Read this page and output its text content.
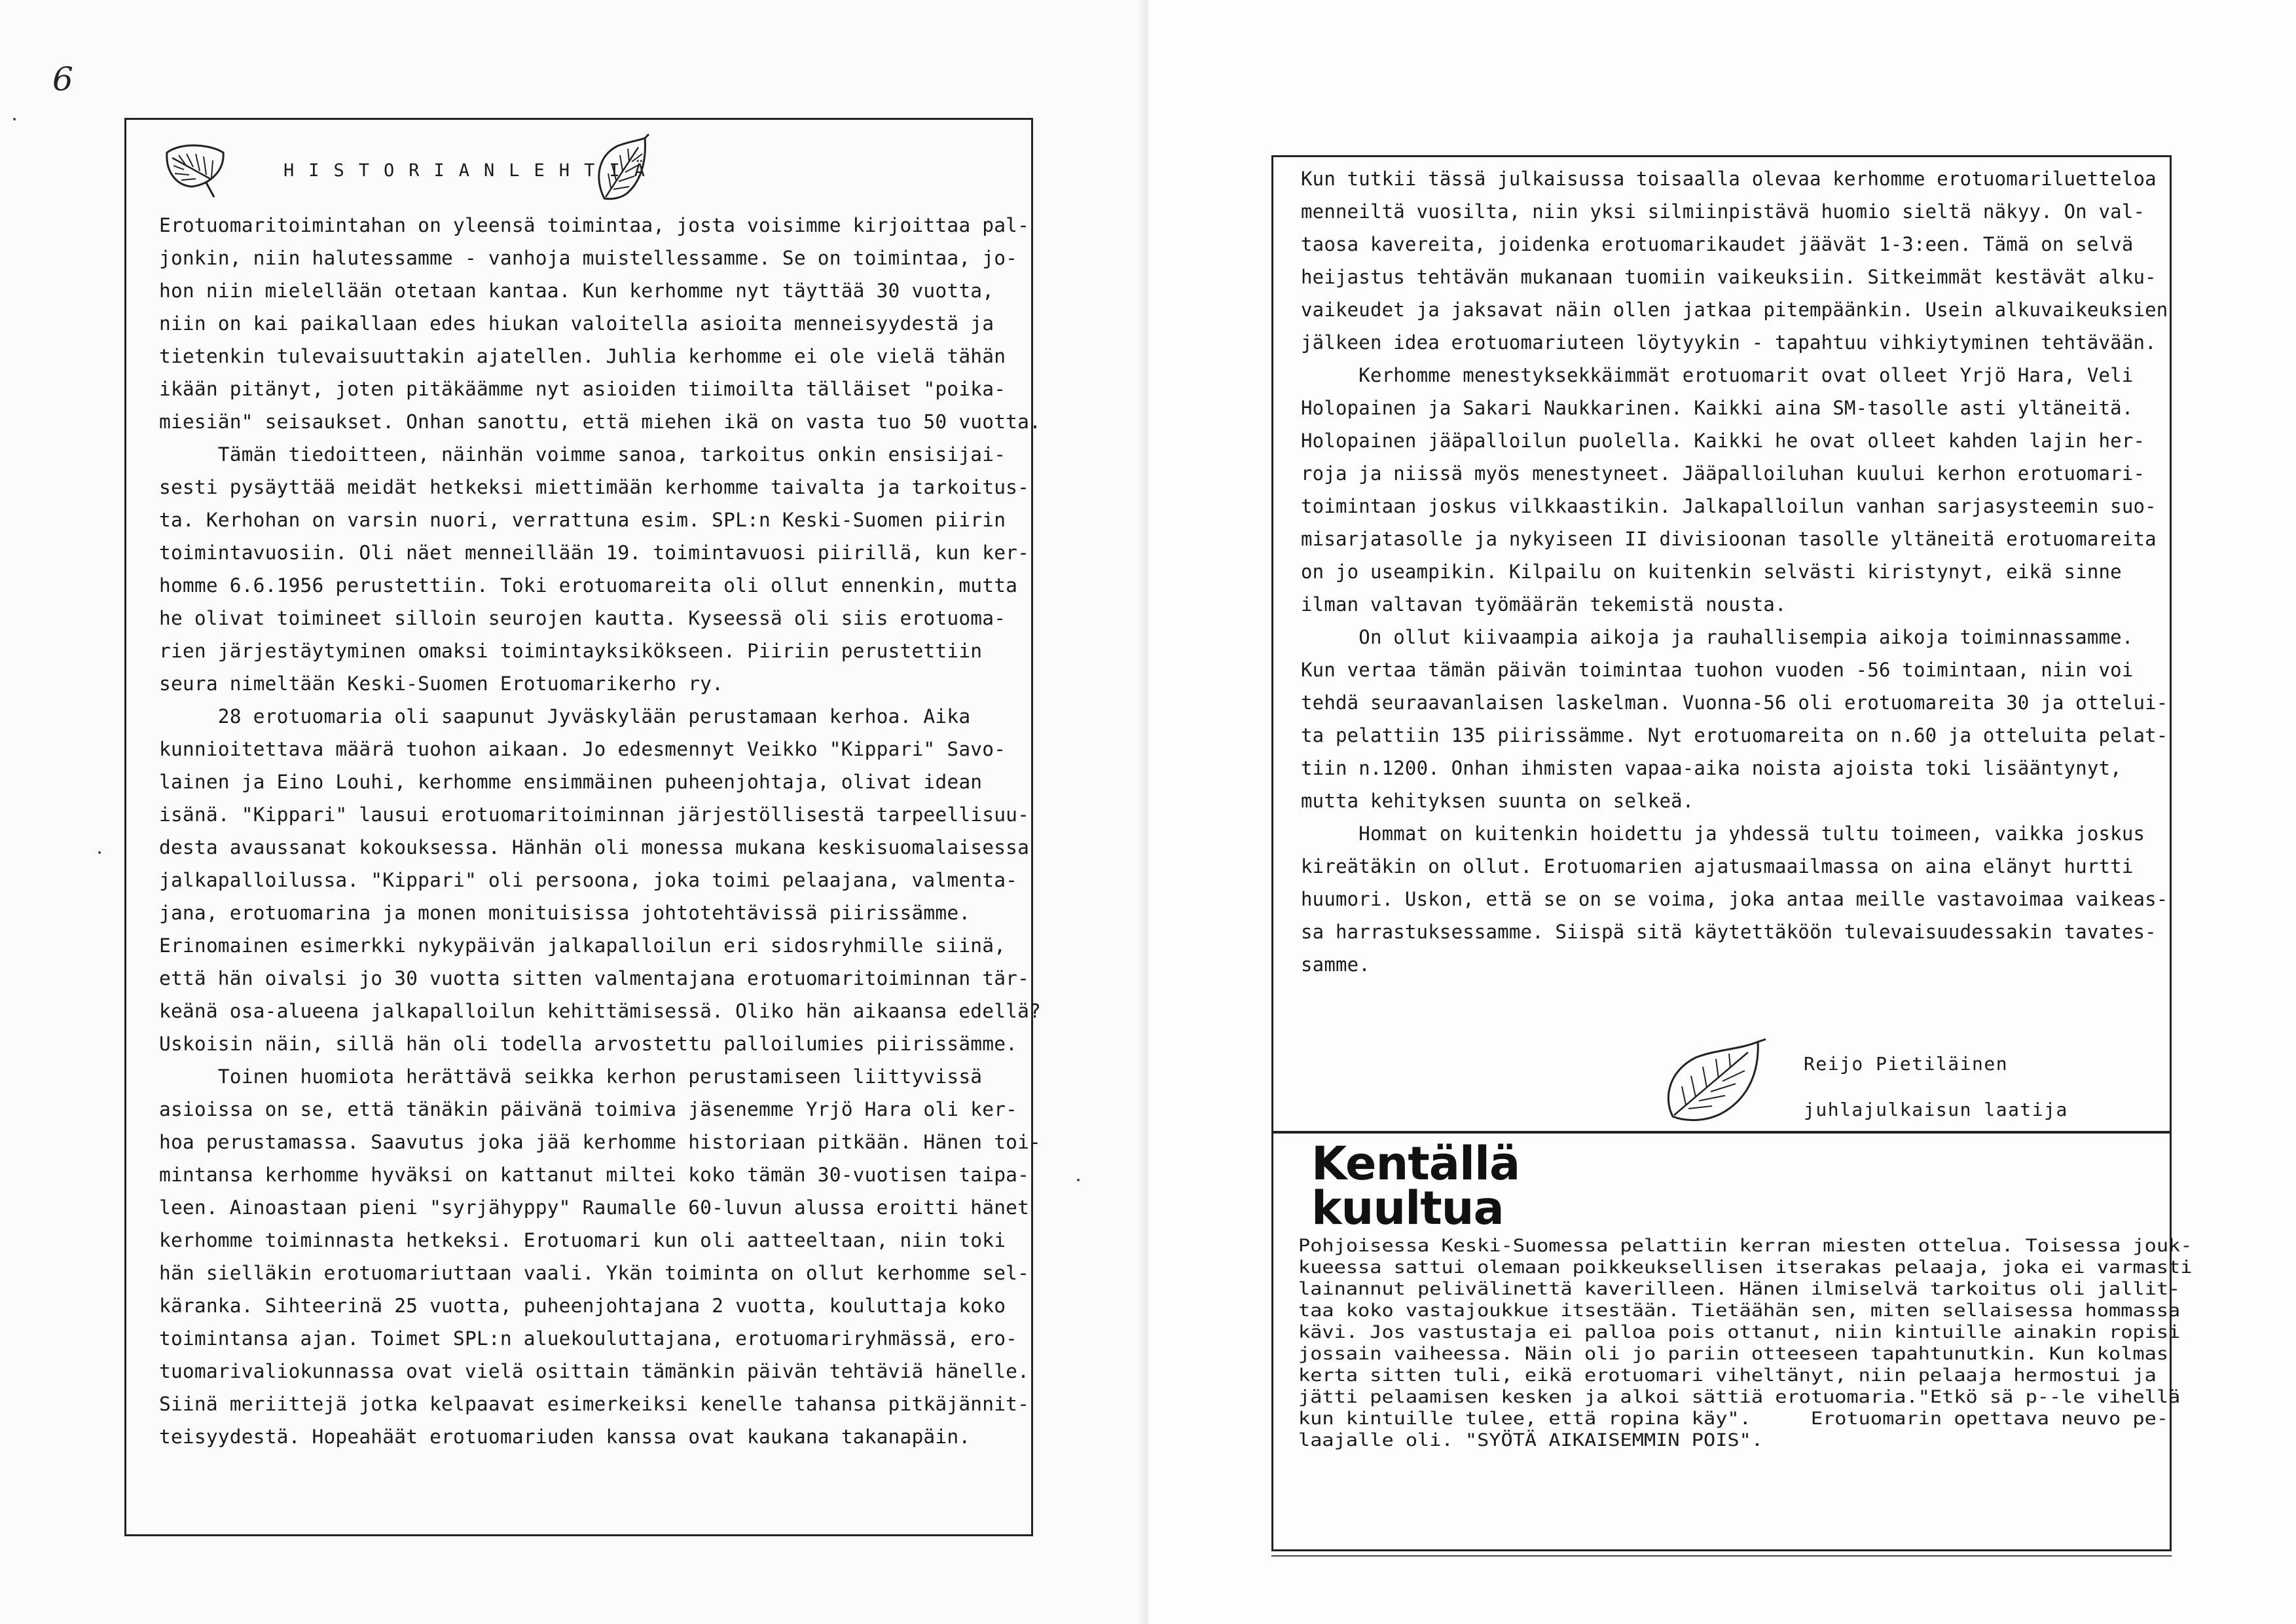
6
HISTORIANLEHTIÄ
Erotuomaritoimintahan on yleensä toimintaa, josta voisimme kirjoittaa pal-
jonkin, niin halutessamme - vanhoja muistellessamme. Se on toimintaa, jo-
hon niin mielellään otetaan kantaa. Kun kerhomme nyt täyttää 30 vuotta,
niin on kai paikallaan edes hiukan valoitella asioita menneisyydestä ja
tietenkin tulevaisuuttakin ajatellen. Juhlia kerhomme ei ole vielä tähän
ikään pitänyt, joten pitäkäämme nyt asioiden tiimoilta tälläiset "poika-
miesiän" seisaukset. Onhan sanottu, että miehen ikä on vasta tuo 50 vuotta.
Tämän tiedoitteen, näinhän voimme sanoa, tarkoitus onkin ensisijai-
sesti pysäyttää meidät hetkeksi miettimään kerhomme taivalta ja tarkoitus-
ta. Kerhohan on varsin nuori, verrattuna esim. SPL:n Keski-Suomen piirin
toimintavuosiin. Oli näet menneillään 19. toimintavuosi piirillä, kun ker-
homme 6.6.1956 perustettiin. Toki erotuomareita oli ollut ennenkin, mutta
he olivat toimineet silloin seurojen kautta. Kyseessä oli siis erotuoma-
rien järjestäytyminen omaksi toimintayksikökseen. Piiriin perustettiin
seura nimeltään Keski-Suomen Erotuomarikerho ry.
28 erotuomaria oli saapunut Jyväskylään perustamaan kerhoa. Aika
kunnioitettava määrä tuohon aikaan. Jo edesmennyt Veikko "Kippari" Savo-
lainen ja Eino Louhi, kerhomme ensimmäinen puheenjohtaja, olivat idean
isänä. "Kippari" lausui erotuomaritoiminnan järjestöllisestä tarpeellisuu-
desta avaussanat kokouksessa. Hänhän oli monessa mukana keskisuomalaisessa
jalkapalloilussa. "Kippari" oli persoona, joka toimi pelaajana, valmenta-
jana, erotuomarina ja monen monituisissa johtotehtävissä piirissämme.
Erinomainen esimerkki nykypäivän jalkapalloilun eri sidosryhmille siinä,
että hän oivalsi jo 30 vuotta sitten valmentajana erotuomaritoiminnan tär-
keänä osa-alueena jalkapalloilun kehittämisessä. Oliko hän aikaansa edellä?
Uskoisin näin, sillä hän oli todella arvostettu palloilumies piirissämme.
Toinen huomiota herättävä seikka kerhon perustamiseen liittyvissä
asioissa on se, että tänäkin päivänä toimiva jäsenemme Yrjö Hara oli ker-
hoa perustamassa. Saavutus joka jää kerhomme historiaan pitkään. Hänen toi-
mintansa kerhomme hyväksi on kattanut miltei koko tämän 30-vuotisen taipa-
leen. Ainoastaan pieni "syrjähyppy" Raumalle 60-luvun alussa eroitti hänet
kerhomme toiminnasta hetkeksi. Erotuomari kun oli aatteeltaan, niin toki
hän sielläkin erotuomariuttaan vaali. Ykän toiminta on ollut kerhomme sel-
käranka. Sihteerinä 25 vuotta, puheenjohtajana 2 vuotta, kouluttaja koko
toimintansa ajan. Toimet SPL:n aluekouluttajana, erotuomariryhmässä, ero-
tuomarivaliokunnassa ovat vielä osittain tämänkin päivän tehtäviä hänelle.
Siinä meriittejä jotka kelpaavat esimerkeiksi kenelle tahansa pitkäjännit-
teisyydestä. Hopeahäät erotuomariuden kanssa ovat kaukana takanapäin.
Kun tutkii tässä julkaisussa toisaalla olevaa kerhomme erotuomariluetteloa
menneiltä vuosilta, niin yksi silmiinpistävä huomio sieltä näkyy. On val-
taosa kavereita, joidenka erotuomarikaudet jäävät 1-3:een. Tämä on selvä
heijastus tehtävän mukanaan tuomiin vaikeuksiin. Sitkeimmät kestävät alku-
vaikeudet ja jaksavat näin ollen jatkaa pitempäänkin. Usein alkuvaikeuksien
jälkeen idea erotuomariuteen löytyykin - tapahtuu vihkiytyminen tehtävään.
Kerhomme menestyksekkäimmät erotuomarit ovat olleet Yrjö Hara, Veli
Holopainen ja Sakari Naukkarinen. Kaikki aina SM-tasolle asti yltäneitä.
Holopainen jääpalloilun puolella. Kaikki he ovat olleet kahden lajin her-
roja ja niissä myös menestyneet. Jääpalloiluhan kuului kerhon erotuomari-
toimintaan joskus vilkkaastikin. Jalkapalloilun vanhan sarjasysteemin suo-
misarjatasolle ja nykyiseen II divisioonan tasolle yltäneitä erotuomareita
on jo useampikin. Kilpailu on kuitenkin selvästi kiristynyt, eikä sinne
ilman valtavan työmäärän tekemistä nousta.
On ollut kiivaampia aikoja ja rauhallisempia aikoja toiminnassamme.
Kun vertaa tämän päivän toimintaa tuohon vuoden -56 toimintaan, niin voi
tehdä seuraavanlaisen laskelman. Vuonna-56 oli erotuomareita 30 ja ottelui-
ta pelattiin 135 piirissämme. Nyt erotuomareita on n.60 ja otteluita pelat-
tiin n.1200. Onhan ihmisten vapaa-aika noista ajoista toki lisääntynyt,
mutta kehityksen suunta on selkeä.
Hommat on kuitenkin hoidettu ja yhdessä tultu toimeen, vaikka joskus
kireätäkin on ollut. Erotuomarien ajatusmaailmassa on aina elänyt hurtti
huumori. Uskon, että se on se voima, joka antaa meille vastavoimaa vaikeas-
sa harrastuksessamme. Siispä sitä käytettäköön tulevaisuudessakin tavates-
samme.
Reijo Pietiläinen
juhlajulkaisun laatija
Kentällä
kuultua
Pohjoisessa Keski-Suomessa pelattiin kerran miesten ottelua. Toisessa jouk-
kueessa sattui olemaan poikkeuksellisen itserakas pelaaja, joka ei varmasti
lainannut pelivälinettä kaverilleen. Hänen ilmiselvä tarkoitus oli jallit-
taa koko vastajoukkue itsestään. Tietäähän sen, miten sellaisessa hommassa
kävi. Jos vastustaja ei palloa pois ottanut, niin kintuille ainakin ropisi
jossain vaiheessa. Näin oli jo pariin otteeseen tapahtunutkin. Kun kolmas
kerta sitten tuli, eikä erotuomari viheltänyt, niin pelaaja hermostui ja
jätti pelaamisen kesken ja alkoi sättiä erotuomaria."Etkö sä p--le vihellä
kun kintuille tulee, että ropina käy".     Erotuomarin opettava neuvo pe-
laajalle oli. "SYÖTÄ AIKAISEMMIN POIS".
